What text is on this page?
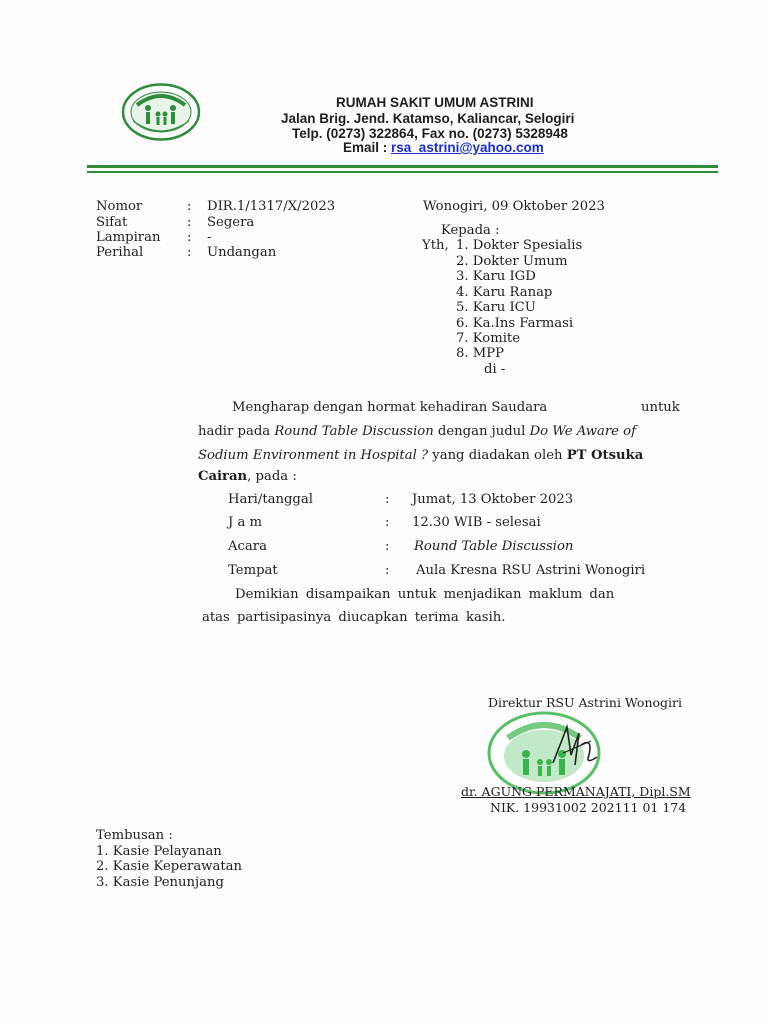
RUMAH SAKIT UMUM ASTRINI
Jalan Brig. Jend. Katamso, Kaliancar, Selogiri
Telp. (0273) 322864, Fax no. (0273) 5328948
Email : rsa_astrini@yahoo.com
Nomor	: DIR.1/1317/X/2023
Sifat	: Segera
Lampiran : -
Perihal	: Undangan
Wonogiri, 09 Oktober 2023
Kepada :
Yth, 1. Dokter Spesialis
2. Dokter Umum
3. Karu IGD
4. Karu Ranap
5. Karu ICU
6. Ka.Ins Farmasi
7. Komite
8. MPP
di -
Mengharap dengan hormat kehadiran Saudara	untuk
hadir pada Round Table Discussion dengan judul Do We Aware of
Sodium Environment in Hospital ? yang diadakan oleh PT Otsuka
Cairan, pada :
Hari/tanggal	: Jumat, 13 Oktober 2023
J a m	: 12.30 WIB - selesai
Acara	: Round Table Discussion
Tempat	: Aula Kresna RSU Astrini Wonogiri
Demikian disampaikan untuk menjadikan maklum dan
atas partisipasinya diucapkan terima kasih.
Direktur RSU Astrini Wonogiri
dr. AGUNG PERMANAJATI, Dipl.SM
NIK. 19931002 202111 01 174
Tembusan :
1. Kasie Pelayanan
2. Kasie Keperawatan
3. Kasie Penunjang
